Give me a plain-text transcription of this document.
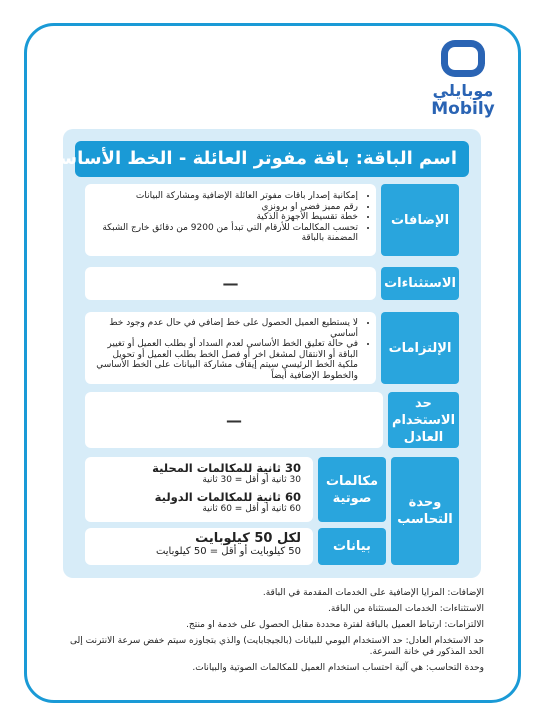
موبايلي
Mobily
اسم الباقة: باقة مفوتر العائلة - الخط الأساسي
الإضافات
• إمكانية إصدار باقات مفوتر العائلة الإضافية ومشاركة البيانات
• رقم مميز فضي او برونزي
• خطة تقسيط الأجهزة الذكية
• تحسب المكالمات للأرقام التي تبدأ من 9200 من دقائق خارج الشبكة المضمنة بالباقة
الاستثناءات
—
الإلتزامات
• لا يستطيع العميل الحصول على خط إضافي في حال عدم وجود خط أساسي
• في حالة تعليق الخط الأساسي لعدم السداد أو بطلب العميل أو تغيير الباقة أو الانتقال لمشغل اخر أو فصل الخط بطلب العميل أو تحويل ملكية الخط الرئيسي سيتم إيقاف مشاركة البيانات على الخط الأساسي والخطوط الإضافية أيضاً
حد الاستخدام العادل
—
وحدة التحاسب
مكالمات صوتية
30 ثانية للمكالمات المحلية
30 ثانية أو أقل = 30 ثانية
60 ثانية للمكالمات الدولية
60 ثانية أو أقل = 60 ثانية
بيانات
لكل 50 كيلوبايت
50 كيلوبايت أو أقل = 50 كيلوبايت

الإضافات: المزايا الإضافية على الخدمات المقدمة في الباقة.

الاستثناءات: الخدمات المستثناة من الباقة.

الالتزامات: ارتباط العميل بالباقة لفترة محددة مقابل الحصول على خدمة او منتج.

حد الاستخدام العادل: حد الاستخدام اليومي للبيانات (بالجيجابايت) والذي بتجاوزه سيتم خفض سرعة الانترنت إلى الحد المذكور في خانة السرعة.

وحدة التحاسب: هي آلية احتساب استخدام العميل للمكالمات الصوتية والبيانات.
